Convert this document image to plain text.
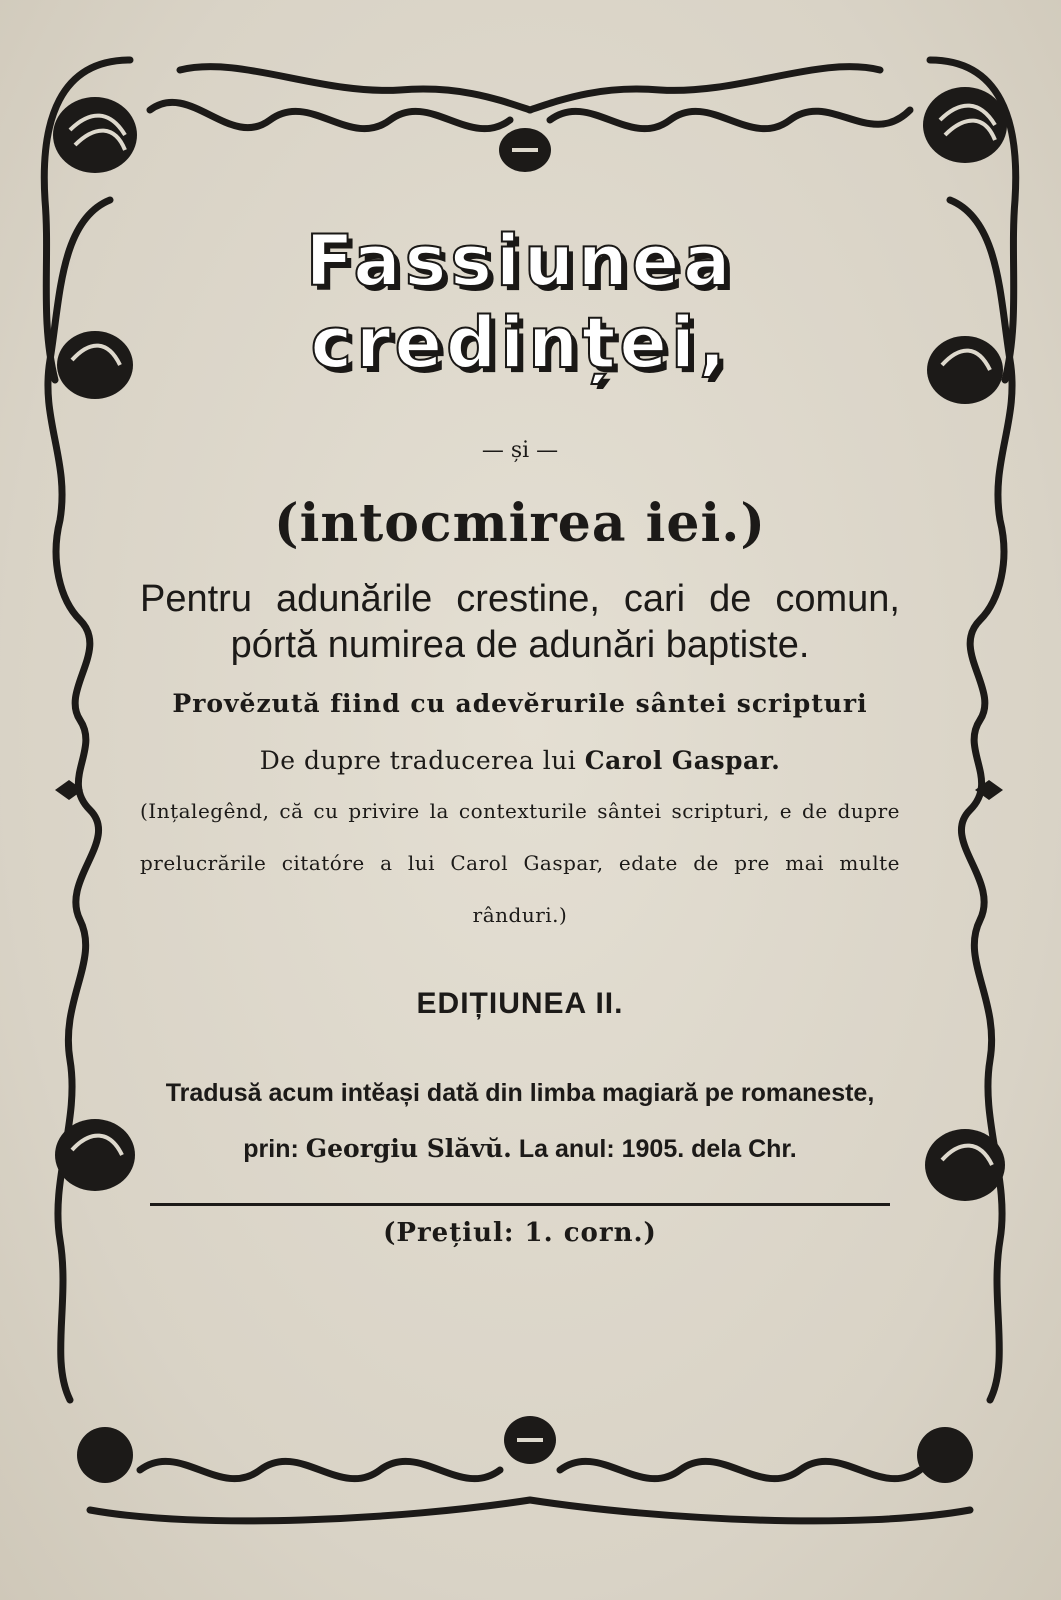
Fassiunea credinței,
— și —
(intocmirea iei.)
Pentru adunările crestine, cari de comun, pórtă numirea de adunări baptiste.
Provĕzută fiind cu adevĕrurile sântei scripturi
De dupre traducerea lui Carol Gaspar.
(Ințalegênd, că cu privire la contexturile sântei scripturi, e de dupre prelucrările citatóre a lui Carol Gaspar, edate de pre mai multe rânduri.)
EDIȚIUNEA II.
Tradusă acum intĕași dată din limba magiară pe romaneste, prin: Georgiu Slăvŭ. La anul: 1905. dela Chr.
(Prețiul: 1. corn.)
